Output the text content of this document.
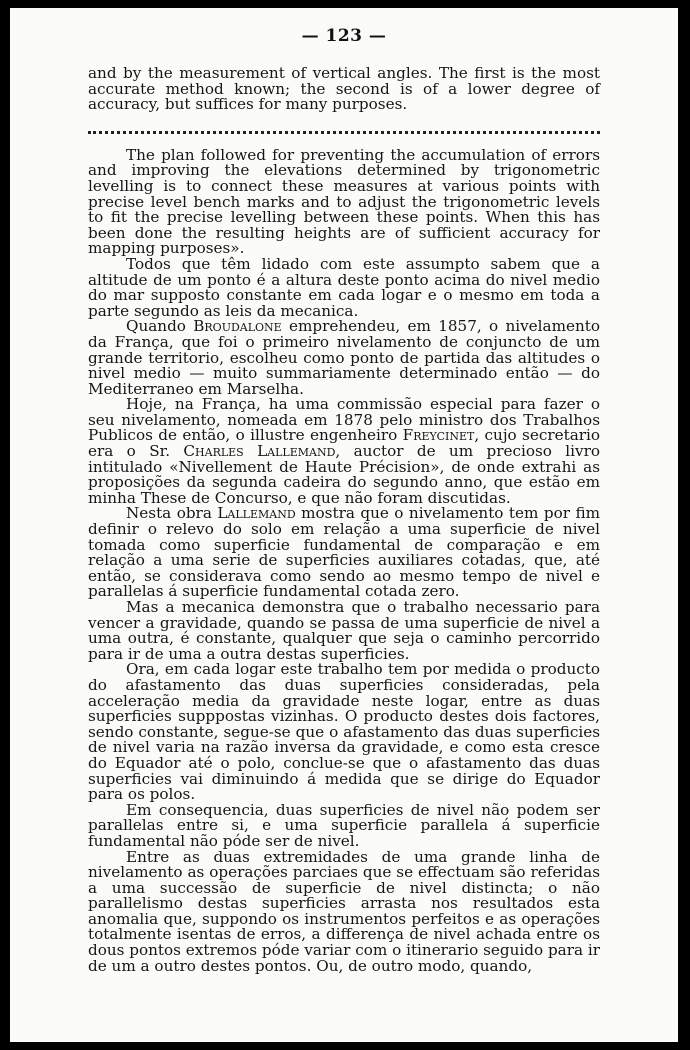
— 123 —

and by the measurement of vertical angles. The first is the most accurate method known; the second is of a lower degree of accuracy, but suffices for many purposes.

The plan followed for preventing the accumulation of errors and improving the elevations determined by trigonometric levelling is to connect these measures at various points with precise level bench marks and to adjust the trigonometric levels to fit the precise levelling between these points. When this has been done the resulting heights are of sufficient accuracy for mapping purposes».

Todos que têm lidado com este assumpto sabem que a altitude de um ponto é a altura deste ponto acima do nivel medio do mar supposto constante em cada logar e o mesmo em toda a parte segundo as leis da mecanica.

Quando Broudalone emprehendeu, em 1857, o nivelamento da França, que foi o primeiro nivelamento de conjuncto de um grande territorio, escolheu como ponto de partida das altitudes o nivel medio — muito summariamente determinado então — do Mediterraneo em Marselha.

Hoje, na França, ha uma commissão especial para fazer o seu nivelamento, nomeada em 1878 pelo ministro dos Trabalhos Publicos de então, o illustre engenheiro Freycinet, cujo secretario era o Sr. Charles Lallemand, auctor de um precioso livro intitulado «Nivellement de Haute Précision», de onde extrahi as proposições da segunda cadeira do segundo anno, que estão em minha These de Concurso, e que não foram discutidas.

Nesta obra Lallemand mostra que o nivelamento tem por fim definir o relevo do solo em relação a uma superficie de nivel tomada como superficie fundamental de comparação e em relação a uma serie de superficies auxiliares cotadas, que, até então, se considerava como sendo ao mesmo tempo de nivel e parallelas á superficie fundamental cotada zero.

Mas a mecanica demonstra que o trabalho necessario para vencer a gravidade, quando se passa de uma superficie de nivel a uma outra, é constante, qualquer que seja o caminho percorrido para ir de uma a outra destas superficies.

Ora, em cada logar este trabalho tem por medida o producto do afastamento das duas superficies consideradas, pela acceleração media da gravidade neste logar, entre as duas superficies supppostas vizinhas. O producto destes dois factores, sendo constante, segue-se que o afastamento das duas superficies de nivel varia na razão inversa da gravidade, e como esta cresce do Equador até o polo, conclue-se que o afastamento das duas superficies vai diminuindo á medida que se dirige do Equador para os polos.

Em consequencia, duas superficies de nivel não podem ser parallelas entre si, e uma superficie parallela á superficie fundamental não póde ser de nivel.

Entre as duas extremidades de uma grande linha de nivelamento as operações parciaes que se effectuam são referidas a uma successão de superficie de nivel distincta; o não parallelismo destas superficies arrasta nos resultados esta anomalia que, suppondo os instrumentos perfeitos e as operações totalmente isentas de erros, a differença de nivel achada entre os dous pontos extremos póde variar com o itinerario seguido para ir de um a outro destes pontos. Ou, de outro modo, quando,
